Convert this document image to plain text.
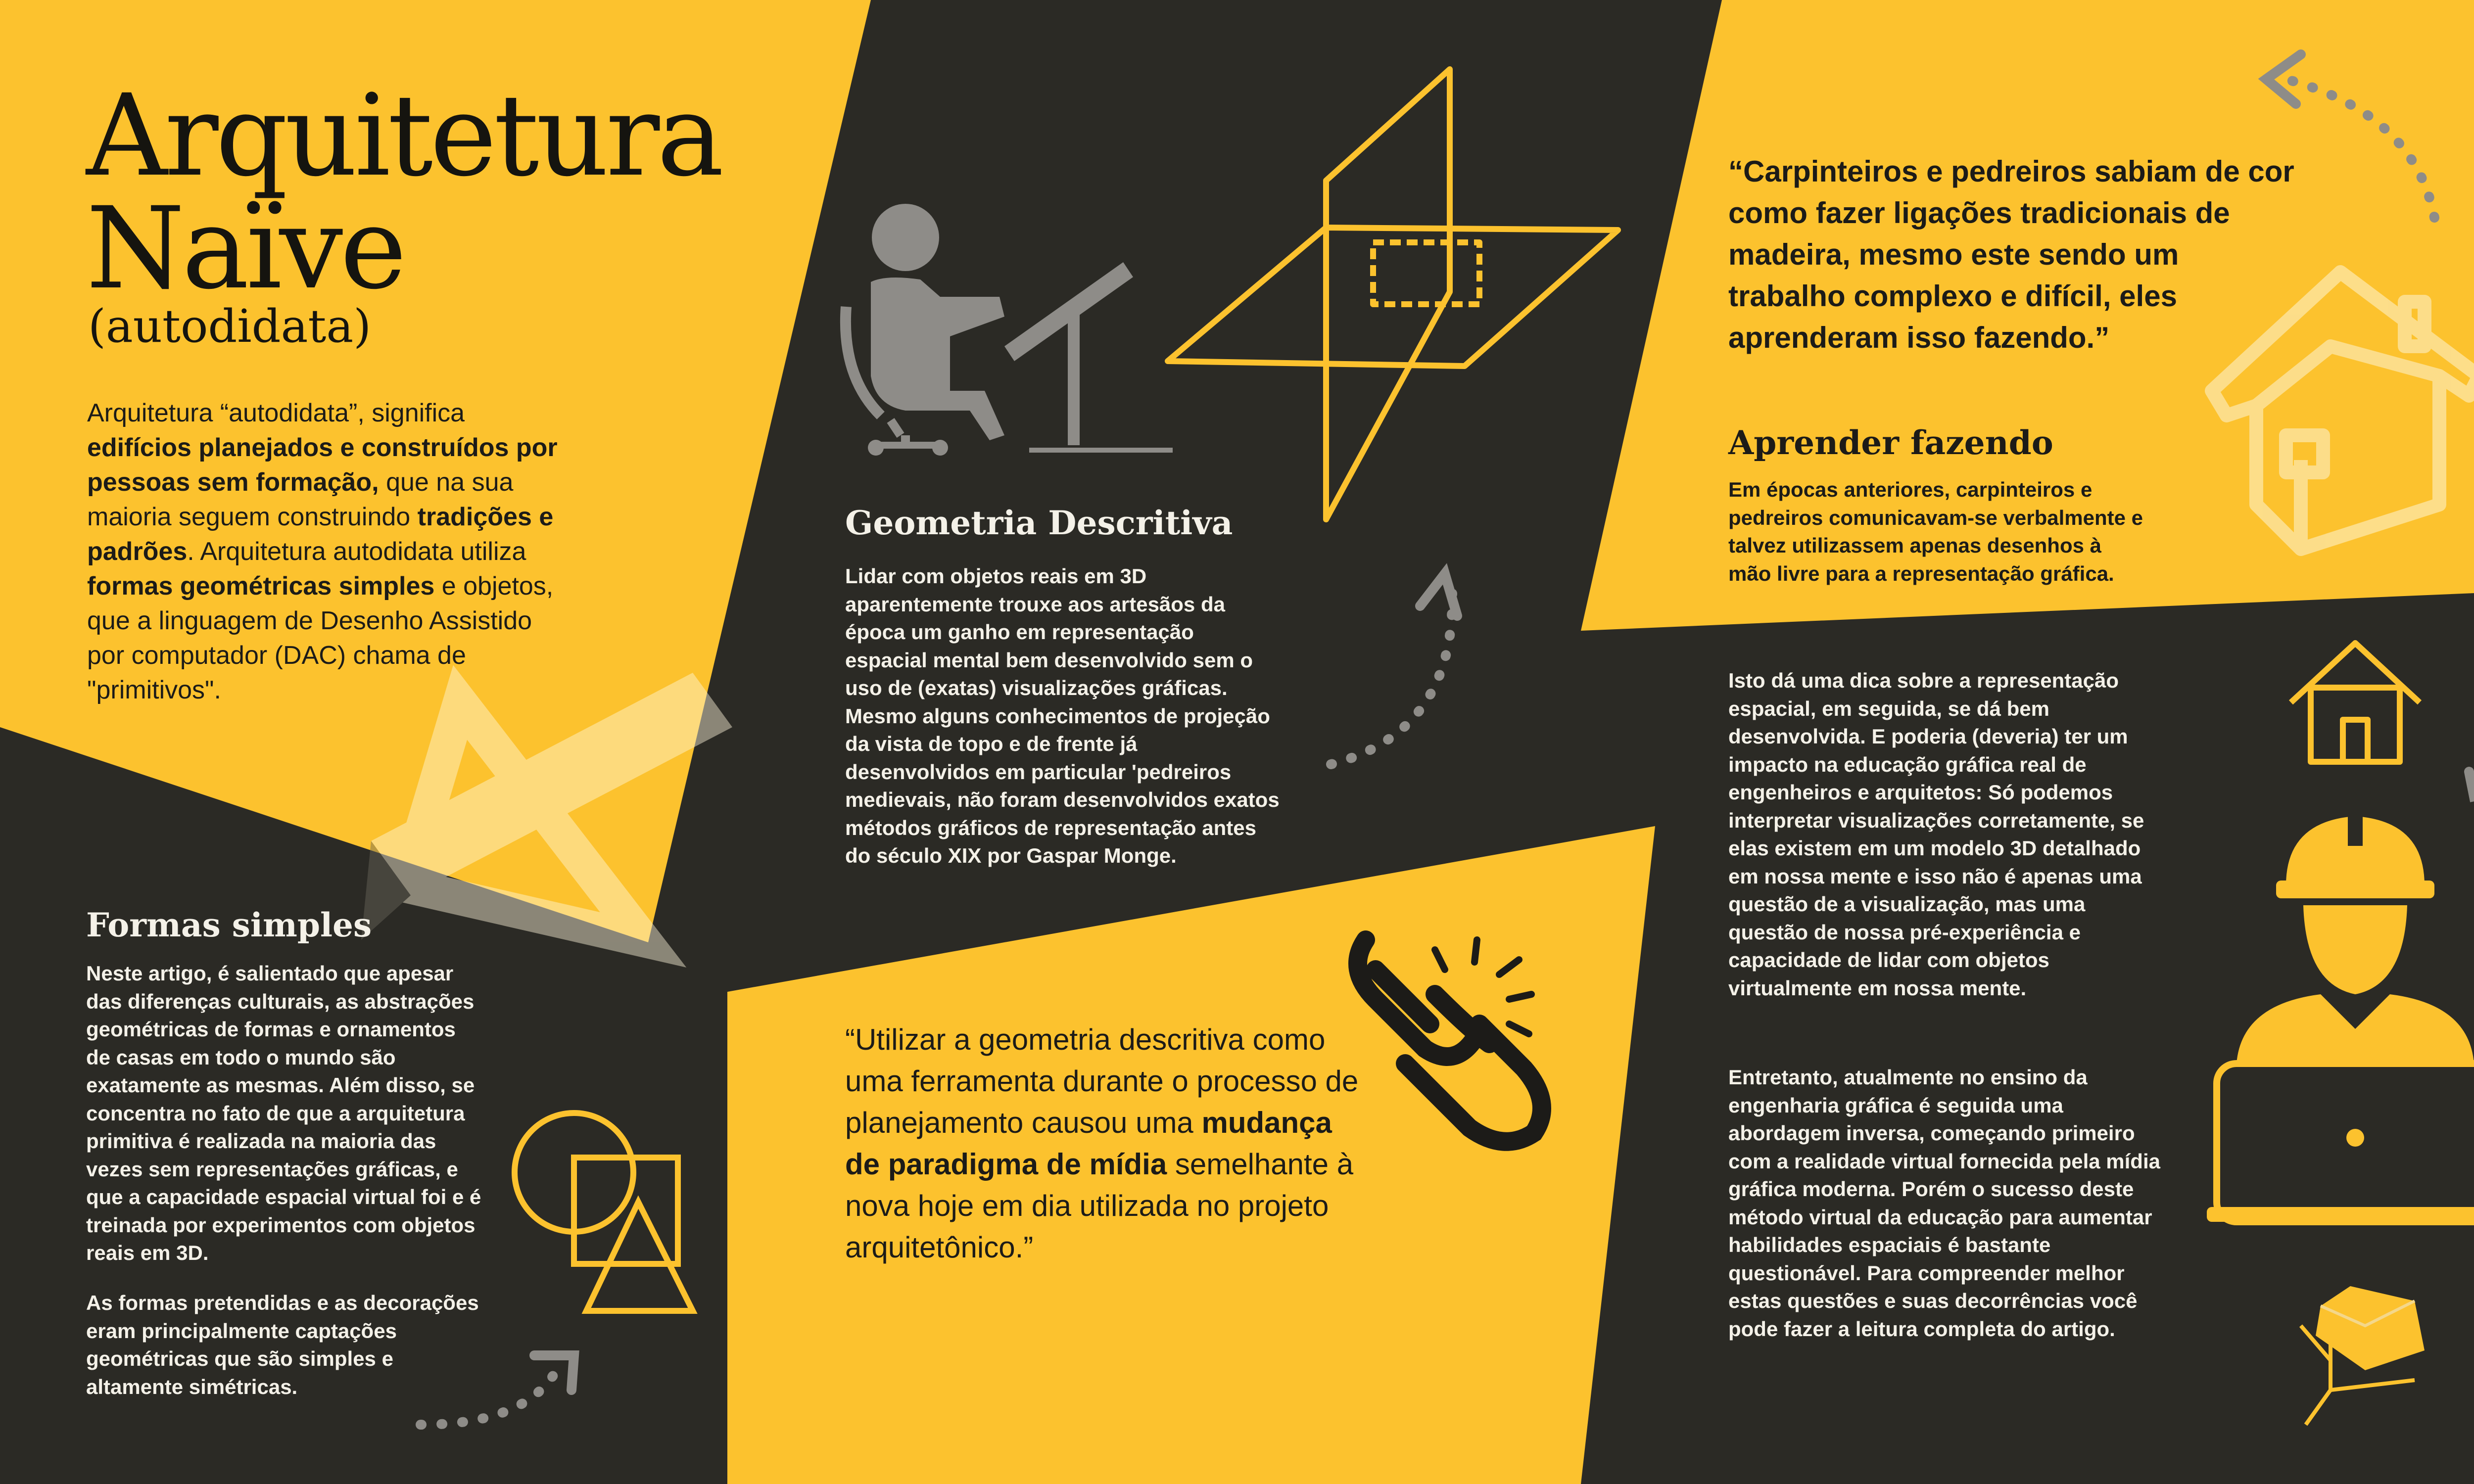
Arquitetura
Naïve
(autodidata)
Arquitetura “autodidata”, significa edifícios planejados e construídos por pessoas sem formação, que na sua maioria seguem construindo tradições e padrões. Arquitetura autodidata utiliza formas geométricas simples e objetos, que a linguagem de Desenho Assistido por computador (DAC) chama de "primitivos".
Formas simples
Neste artigo, é salientado que apesar das diferenças culturais, as abstrações geométricas de formas e ornamentos de casas em todo o mundo são exatamente as mesmas. Além disso, se concentra no fato de que a arquitetura primitiva é realizada na maioria das vezes sem representações gráficas, e que a capacidade espacial virtual foi e é treinada por experimentos com objetos reais em 3D.
As formas pretendidas e as decorações eram principalmente captações geométricas que são simples e altamente simétricas.
Geometria Descritiva
Lidar com objetos reais em 3D aparentemente trouxe aos artesãos da época um ganho em representação espacial mental bem desenvolvido sem o uso de (exatas) visualizações gráficas. Mesmo alguns conhecimentos de projeção da vista de topo e de frente já desenvolvidos em particular 'pedreiros medievais, não foram desenvolvidos exatos métodos gráficos de representação antes do século XIX por Gaspar Monge.
“Utilizar a geometria descritiva como uma ferramenta durante o processo de planejamento causou uma mudança de paradigma de mídia semelhante à nova hoje em dia utilizada no projeto arquitetônico.”
“Carpinteiros e pedreiros sabiam de cor como fazer ligações tradicionais de madeira, mesmo este sendo um trabalho complexo e difícil, eles aprenderam isso fazendo.”
Aprender fazendo
Em épocas anteriores, carpinteiros e pedreiros comunicavam-se verbalmente e talvez utilizassem apenas desenhos à mão livre para a representação gráfica.
Isto dá uma dica sobre a representação espacial, em seguida, se dá bem desenvolvida. E poderia (deveria) ter um impacto na educação gráfica real de engenheiros e arquitetos: Só podemos interpretar visualizações corretamente, se elas existem em um modelo 3D detalhado em nossa mente e isso não é apenas uma questão de a visualização, mas uma questão de nossa pré-experiência e capacidade de lidar com objetos virtualmente em nossa mente.
Entretanto, atualmente no ensino da engenharia gráfica é seguida uma abordagem inversa, começando primeiro com a realidade virtual fornecida pela mídia gráfica moderna. Porém o sucesso deste método virtual da educação para aumentar habilidades espaciais é bastante questionável. Para compreender melhor estas questões e suas decorrências você pode fazer a leitura completa do artigo.
